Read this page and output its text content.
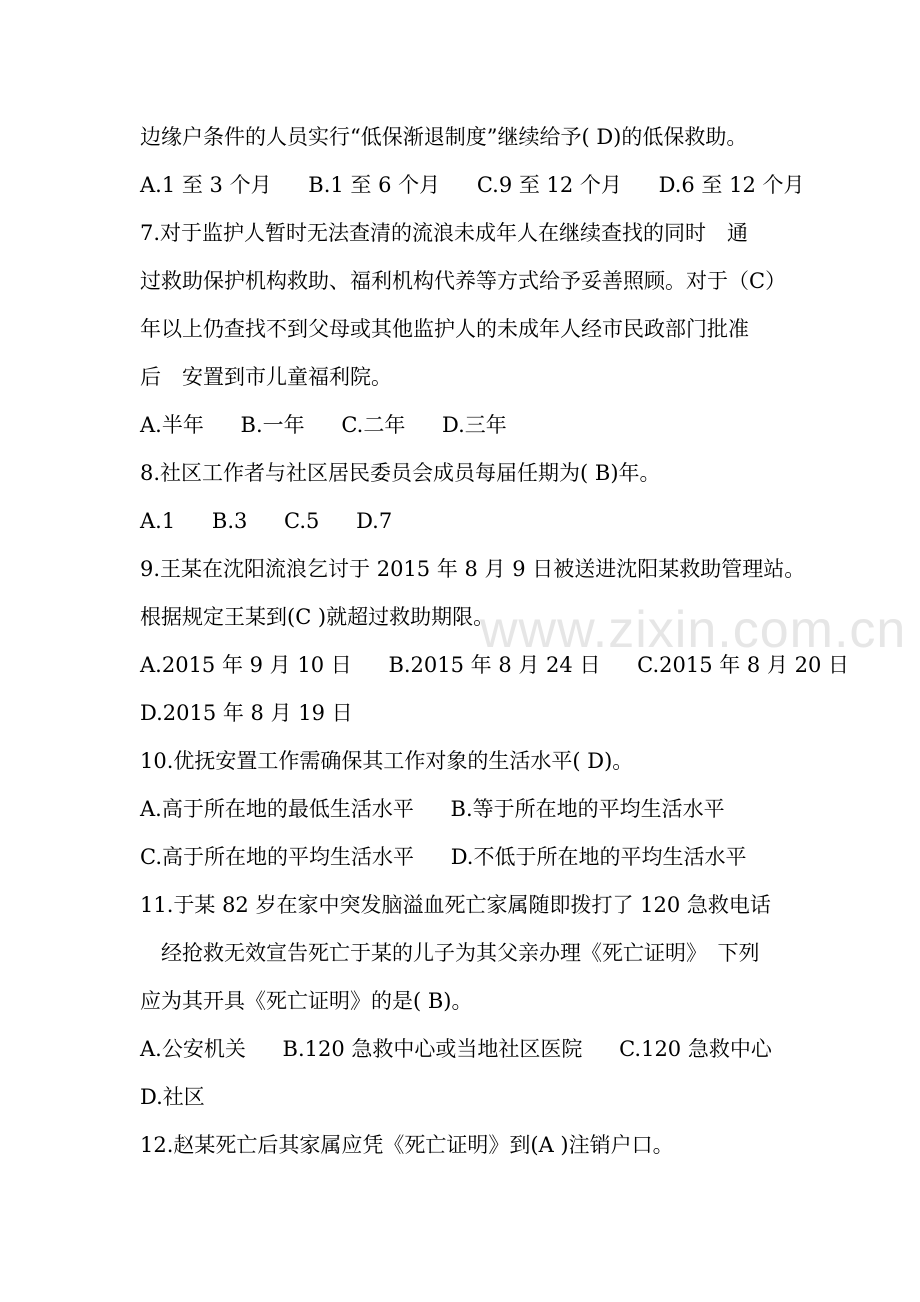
www.zixin.com.cn
边缘户条件的人员实行“低保渐退制度”继续给予( D)的低保救助。
A.1 至 3 个月 B.1 至 6 个月 C.9 至 12 个月 D.6 至 12 个月
7.对于监护人暂时无法查清的流浪未成年人在继续查找的同时　通
过救助保护机构救助、福利机构代养等方式给予妥善照顾。对于（C）
年以上仍查找不到父母或其他监护人的未成年人经市民政部门批准
后　安置到市儿童福利院。
A.半年 B.一年 C.二年 D.三年
8.社区工作者与社区居民委员会成员每届任期为( B)年。
A.1 B.3 C.5 D.7
9.王某在沈阳流浪乞讨于 2015 年 8 月 9 日被送进沈阳某救助管理站。
根据规定王某到(C )就超过救助期限。
A.2015 年 9 月 10 日 B.2015 年 8 月 24 日 C.2015 年 8 月 20 日
D.2015 年 8 月 19 日
10.优抚安置工作需确保其工作对象的生活水平( D)。
A.高于所在地的最低生活水平 B.等于所在地的平均生活水平
C.高于所在地的平均生活水平 D.不低于所在地的平均生活水平
11.于某 82 岁在家中突发脑溢血死亡家属随即拨打了 120 急救电话
　经抢救无效宣告死亡于某的儿子为其父亲办理《死亡证明》　下列
应为其开具《死亡证明》的是( B)。
A.公安机关 B.120 急救中心或当地社区医院 C.120 急救中心
D.社区
12.赵某死亡后其家属应凭《死亡证明》到(A )注销户口。
